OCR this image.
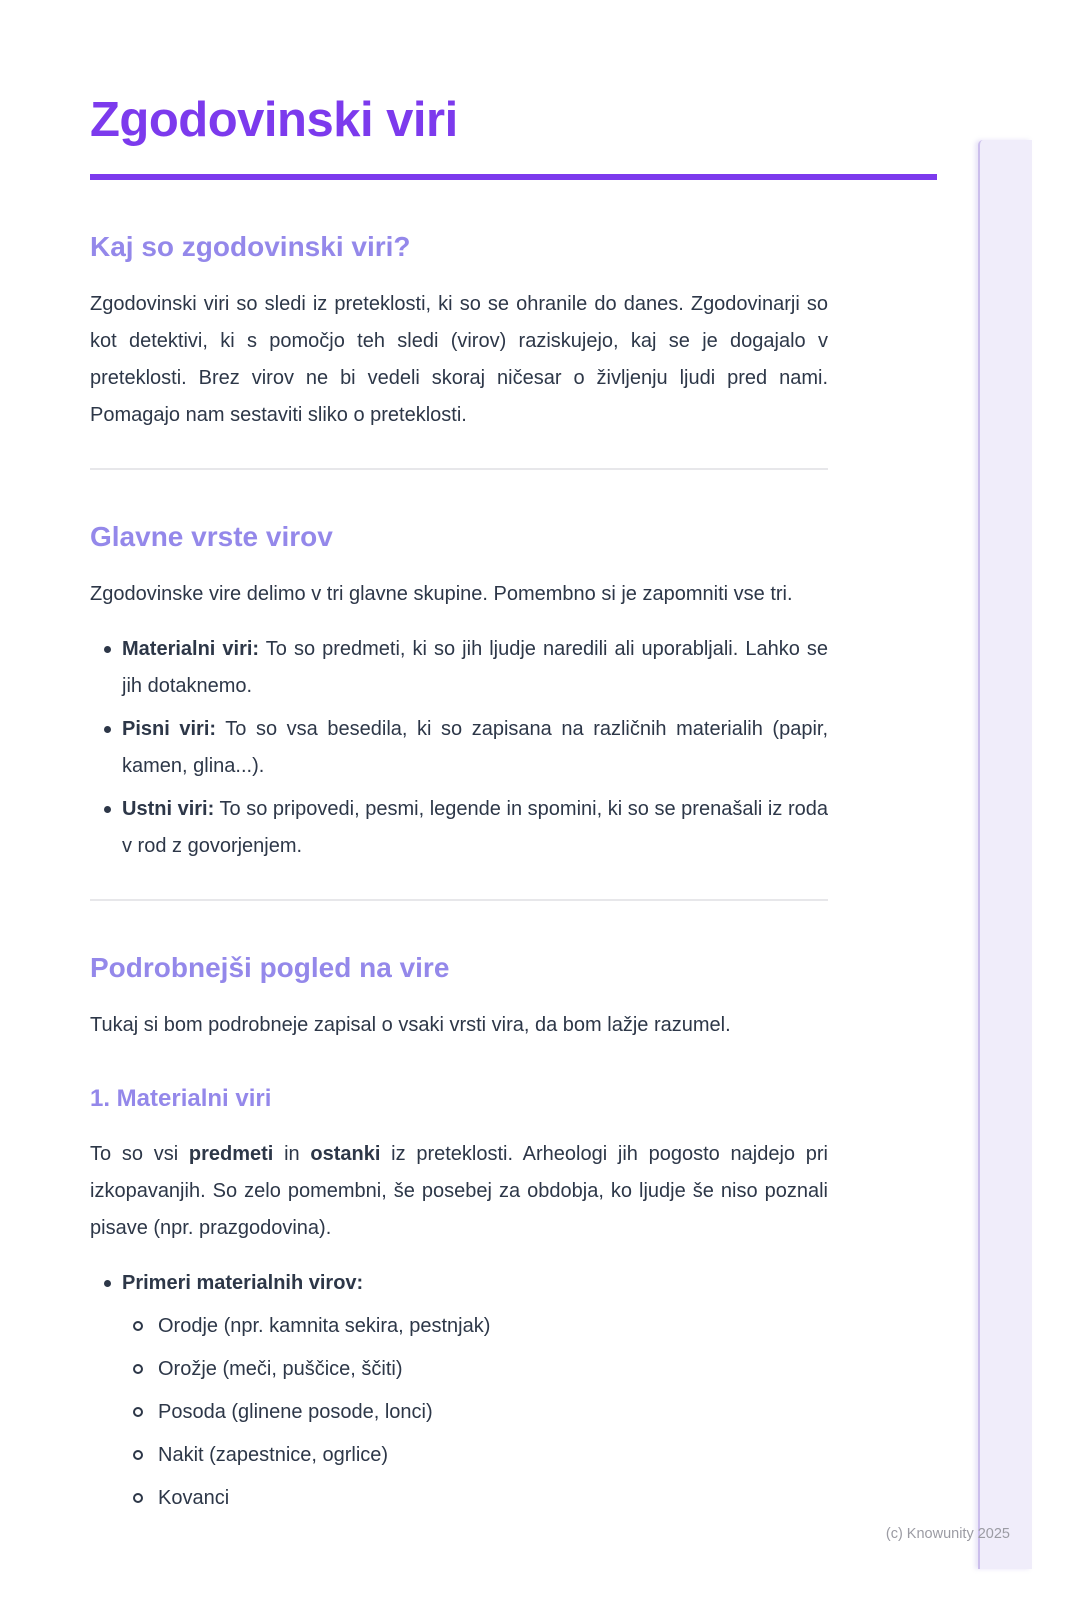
Zgodovinski viri
Kaj so zgodovinski viri?

Zgodovinski viri so sledi iz preteklosti, ki so se ohranile do danes. Zgodovinarji so kot detektivi, ki s pomočjo teh sledi (virov) raziskujejo, kaj se je dogajalo v preteklosti. Brez virov ne bi vedeli skoraj ničesar o življenju ljudi pred nami. Pomagajo nam sestaviti sliko o preteklosti.

Glavne vrste virov

Zgodovinske vire delimo v tri glavne skupine. Pomembno si je zapomniti vse tri.

Materialni viri: To so predmeti, ki so jih ljudje naredili ali uporabljali. Lahko se jih dotaknemo.
Pisni viri: To so vsa besedila, ki so zapisana na različnih materialih (papir, kamen, glina...).
Ustni viri: To so pripovedi, pesmi, legende in spomini, ki so se prenašali iz roda v rod z govorjenjem.
Podrobnejši pogled na vire

Tukaj si bom podrobneje zapisal o vsaki vrsti vira, da bom lažje razumel.

1. Materialni viri

To so vsi predmeti in ostanki iz preteklosti. Arheologi jih pogosto najdejo pri izkopavanjih. So zelo pomembni, še posebej za obdobja, ko ljudje še niso poznali pisave (npr. prazgodovina).

Primeri materialnih virov:
Orodje (npr. kamnita sekira, pestnjak)
Orožje (meči, puščice, ščiti)
Posoda (glinene posode, lonci)
Nakit (zapestnice, ogrlice)
Kovanci
(c) Knowunity 2025
